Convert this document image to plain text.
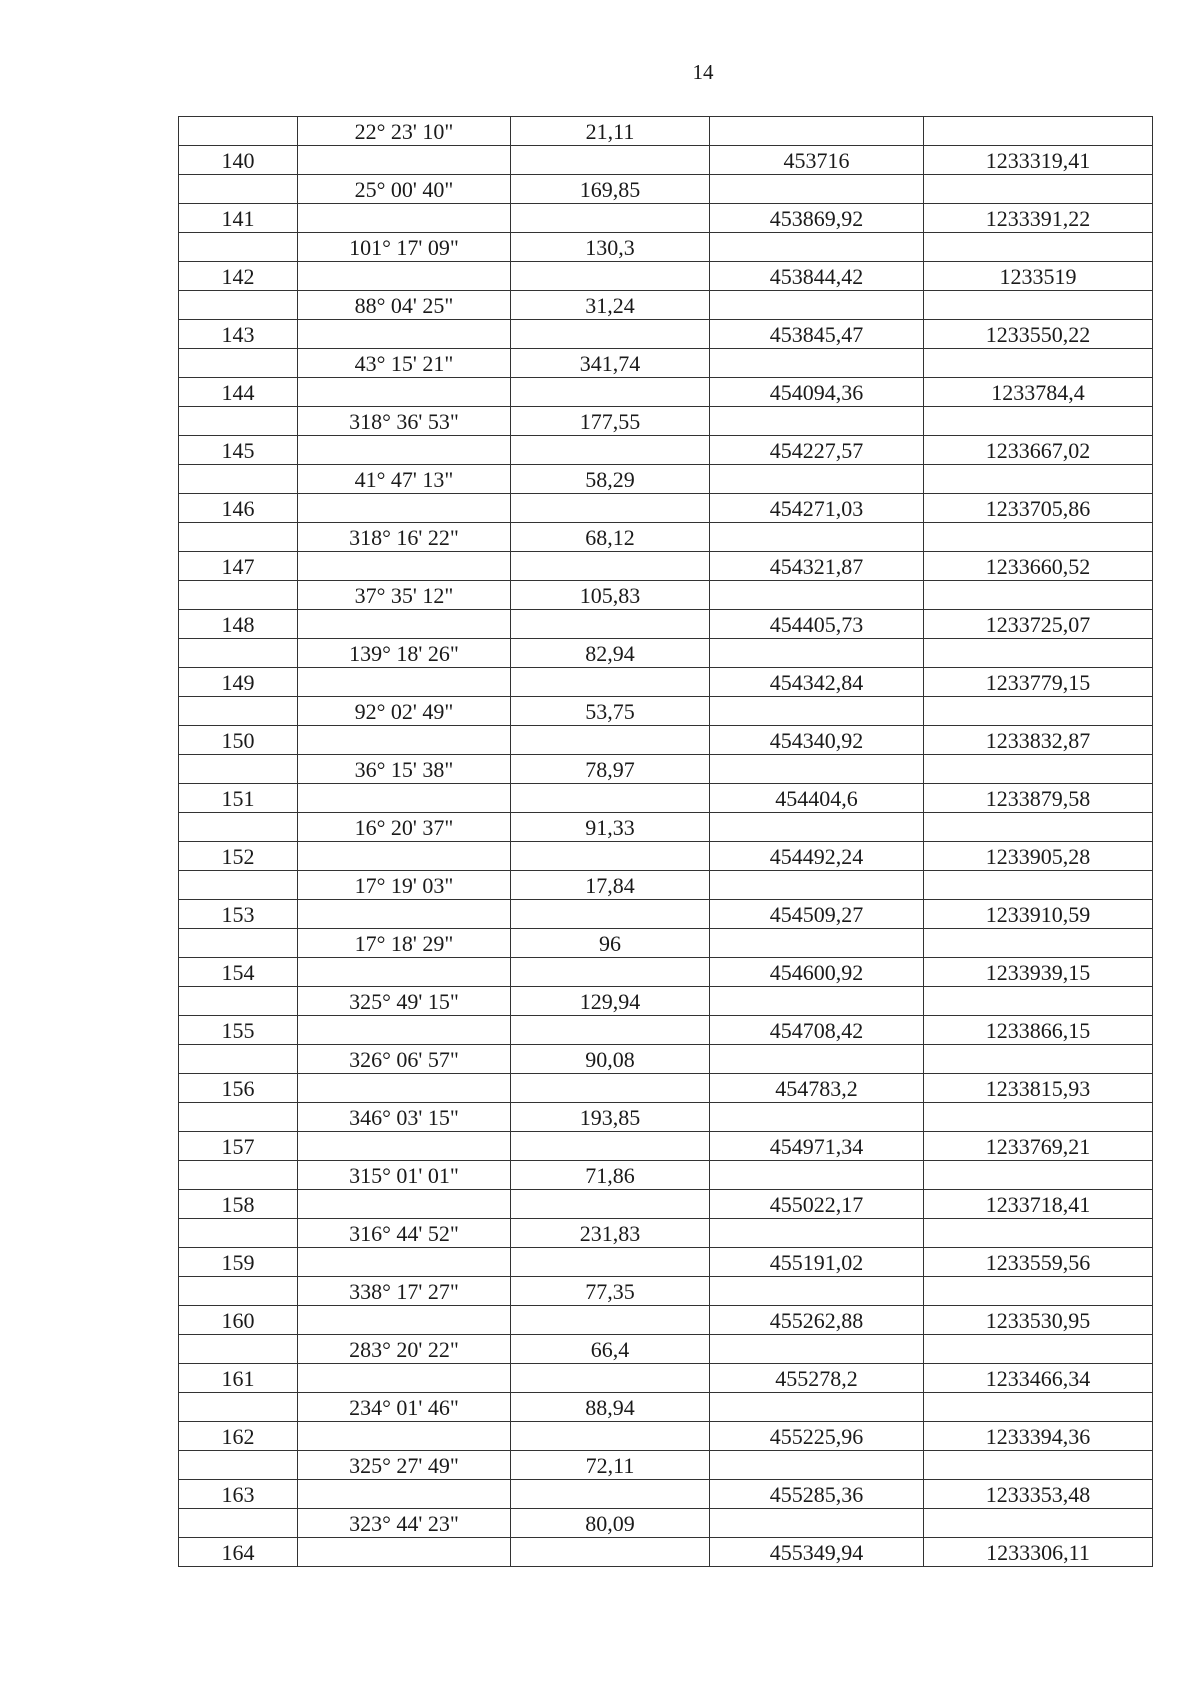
14
	22° 23' 10"	21,11		
140			453716	1233319,41
	25° 00' 40"	169,85		
141			453869,92	1233391,22
	101° 17' 09"	130,3		
142			453844,42	1233519
	88° 04' 25"	31,24		
143			453845,47	1233550,22
	43° 15' 21"	341,74		
144			454094,36	1233784,4
	318° 36' 53"	177,55		
145			454227,57	1233667,02
	41° 47' 13"	58,29		
146			454271,03	1233705,86
	318° 16' 22"	68,12		
147			454321,87	1233660,52
	37° 35' 12"	105,83		
148			454405,73	1233725,07
	139° 18' 26"	82,94		
149			454342,84	1233779,15
	92° 02' 49"	53,75		
150			454340,92	1233832,87
	36° 15' 38"	78,97		
151			454404,6	1233879,58
	16° 20' 37"	91,33		
152			454492,24	1233905,28
	17° 19' 03"	17,84		
153			454509,27	1233910,59
	17° 18' 29"	96		
154			454600,92	1233939,15
	325° 49' 15"	129,94		
155			454708,42	1233866,15
	326° 06' 57"	90,08		
156			454783,2	1233815,93
	346° 03' 15"	193,85		
157			454971,34	1233769,21
	315° 01' 01"	71,86		
158			455022,17	1233718,41
	316° 44' 52"	231,83		
159			455191,02	1233559,56
	338° 17' 27"	77,35		
160			455262,88	1233530,95
	283° 20' 22"	66,4		
161			455278,2	1233466,34
	234° 01' 46"	88,94		
162			455225,96	1233394,36
	325° 27' 49"	72,11		
163			455285,36	1233353,48
	323° 44' 23"	80,09		
164			455349,94	1233306,11
